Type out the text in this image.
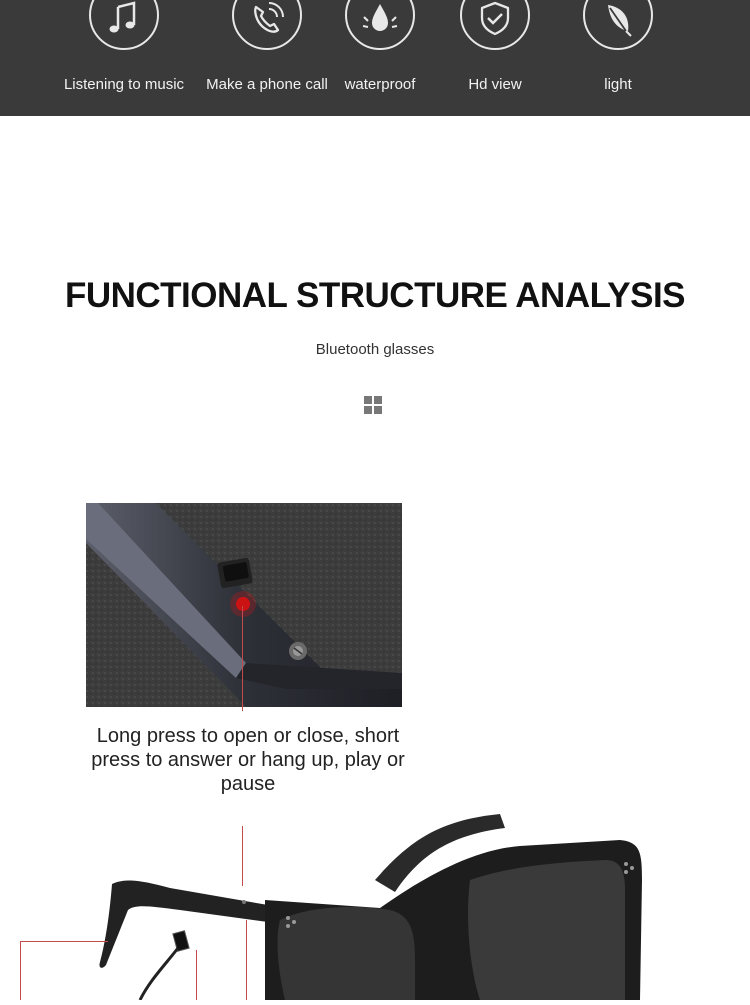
Listening to music	Make a phone call	waterproof	Hd view	light
FUNCTIONAL STRUCTURE ANALYSIS
Bluetooth glasses
Long press to open or close, short press to answer or hang up, play or pause
